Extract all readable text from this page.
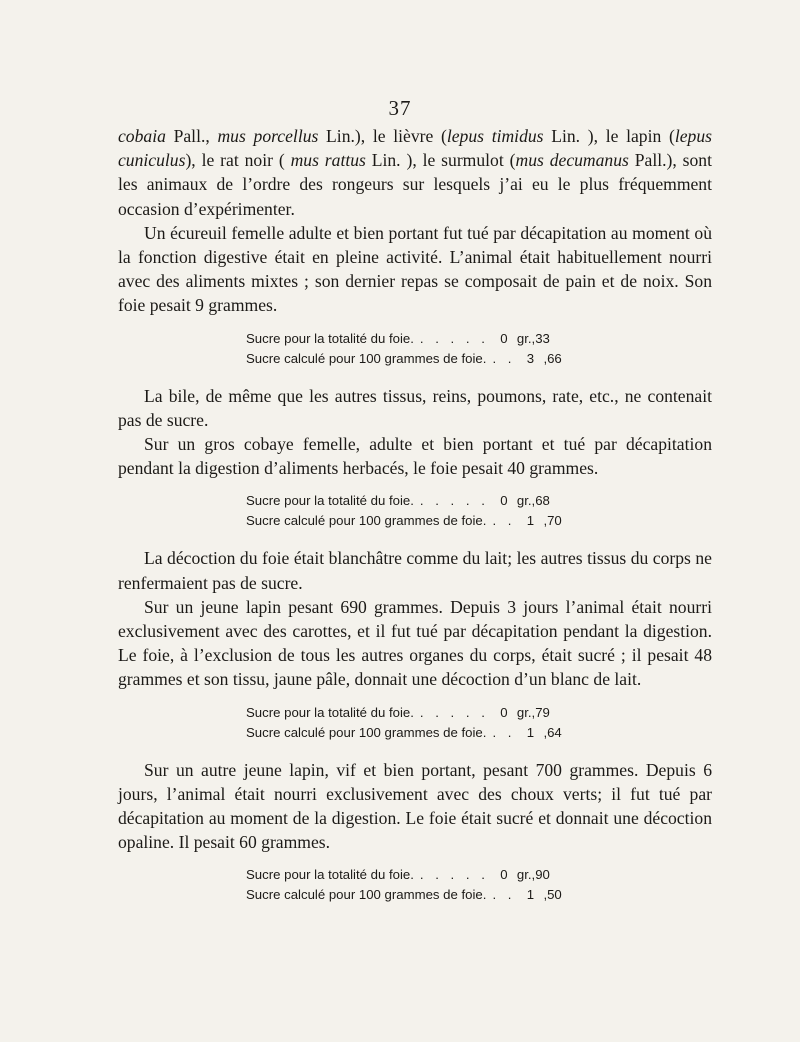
37

cobaia Pall., mus porcellus Lin.), le lièvre (lepus timidus Lin. ), le lapin (lepus cuniculus), le rat noir ( mus rattus Lin. ), le surmulot (mus decumanus Pall.), sont les animaux de l’ordre des rongeurs sur lesquels j’ai eu le plus fréquemment occasion d’expérimenter.

Un écureuil femelle adulte et bien portant fut tué par décapitation au moment où la fonction digestive était en pleine activité. L’animal était habituellement nourri avec des aliments mixtes ; son dernier repas se composait de pain et de noix. Son foie pesait 9 grammes.

Sucre pour la totalité du foie. . . . . . 0 gr.,33
Sucre calculé pour 100 grammes de foie. . . 3 ,66

La bile, de même que les autres tissus, reins, poumons, rate, etc., ne contenait pas de sucre.

Sur un gros cobaye femelle, adulte et bien portant et tué par décapitation pendant la digestion d’aliments herbacés, le foie pesait 40 grammes.

Sucre pour la totalité du foie. . . . . . 0 gr.,68
Sucre calculé pour 100 grammes de foie. . . 1 ,70

La décoction du foie était blanchâtre comme du lait; les autres tissus du corps ne renfermaient pas de sucre.

Sur un jeune lapin pesant 690 grammes. Depuis 3 jours l’animal était nourri exclusivement avec des carottes, et il fut tué par décapitation pendant la digestion. Le foie, à l’exclusion de tous les autres organes du corps, était sucré ; il pesait 48 grammes et son tissu, jaune pâle, donnait une décoction d’un blanc de lait.

Sucre pour la totalité du foie. . . . . . 0 gr.,79
Sucre calculé pour 100 grammes de foie. . . 1 ,64

Sur un autre jeune lapin, vif et bien portant, pesant 700 grammes. Depuis 6 jours, l’animal était nourri exclusivement avec des choux verts; il fut tué par décapitation au moment de la digestion. Le foie était sucré et donnait une décoction opaline. Il pesait 60 grammes.

Sucre pour la totalité du foie. . . . . . 0 gr.,90
Sucre calculé pour 100 grammes de foie. . . 1 ,50
